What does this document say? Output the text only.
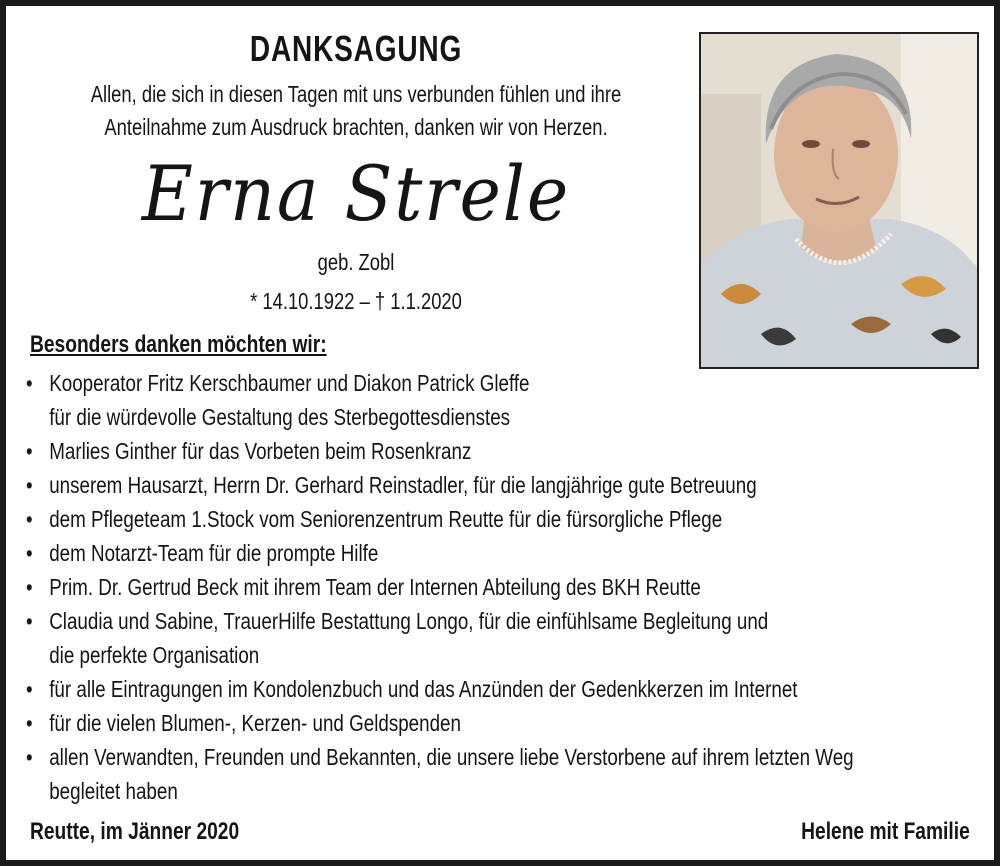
DANKSAGUNG
Allen, die sich in diesen Tagen mit uns verbunden fühlen und ihre
Anteilnahme zum Ausdruck brachten, danken wir von Herzen.
Erna Strele
geb. Zobl
* 14.10.1922 – † 1.1.2020
Besonders danken möchten wir:
• Kooperator Fritz Kerschbaumer und Diakon Patrick Gleffe
für die würdevolle Gestaltung des Sterbegottesdienstes
• Marlies Ginther für das Vorbeten beim Rosenkranz
• unserem Hausarzt, Herrn Dr. Gerhard Reinstadler, für die langjährige gute Betreuung
• dem Pflegeteam 1.Stock vom Seniorenzentrum Reutte für die fürsorgliche Pflege
• dem Notarzt-Team für die prompte Hilfe
• Prim. Dr. Gertrud Beck mit ihrem Team der Internen Abteilung des BKH Reutte
• Claudia und Sabine, TrauerHilfe Bestattung Longo, für die einfühlsame Begleitung und
die perfekte Organisation
• für alle Eintragungen im Kondolenzbuch und das Anzünden der Gedenkkerzen im Internet
• für die vielen Blumen-, Kerzen- und Geldspenden
• allen Verwandten, Freunden und Bekannten, die unsere liebe Verstorbene auf ihrem letzten Weg
begleitet haben
Reutte, im Jänner 2020	Helene mit Familie
